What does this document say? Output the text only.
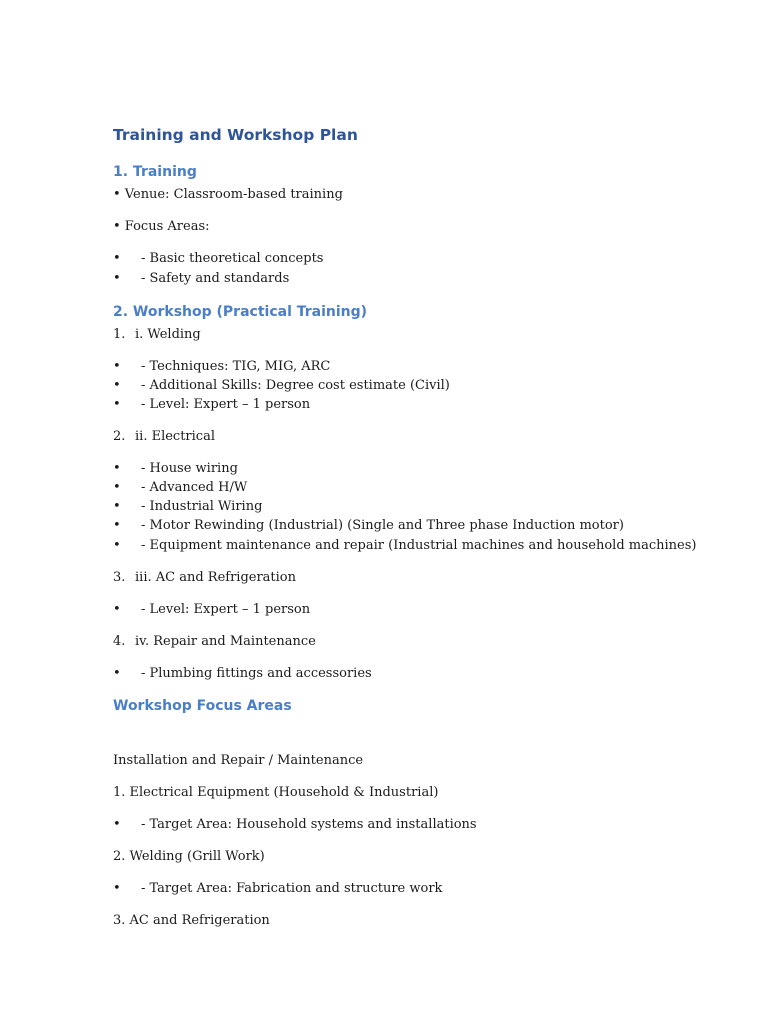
Training and Workshop Plan
1. Training
• Venue: Classroom-based training
• Focus Areas:
• - Basic theoretical concepts
• - Safety and standards
2. Workshop (Practical Training)
1. i. Welding
• - Techniques: TIG, MIG, ARC
• - Additional Skills: Degree cost estimate (Civil)
• - Level: Expert – 1 person
2. ii. Electrical
• - House wiring
• - Advanced H/W
• - Industrial Wiring
• - Motor Rewinding (Industrial) (Single and Three phase Induction motor)
• - Equipment maintenance and repair (Industrial machines and household machines)
3. iii. AC and Refrigeration
• - Level: Expert – 1 person
4. iv. Repair and Maintenance
• - Plumbing fittings and accessories
Workshop Focus Areas
Installation and Repair / Maintenance
1. Electrical Equipment (Household & Industrial)
• - Target Area: Household systems and installations
2. Welding (Grill Work)
• - Target Area: Fabrication and structure work
3. AC and Refrigeration
